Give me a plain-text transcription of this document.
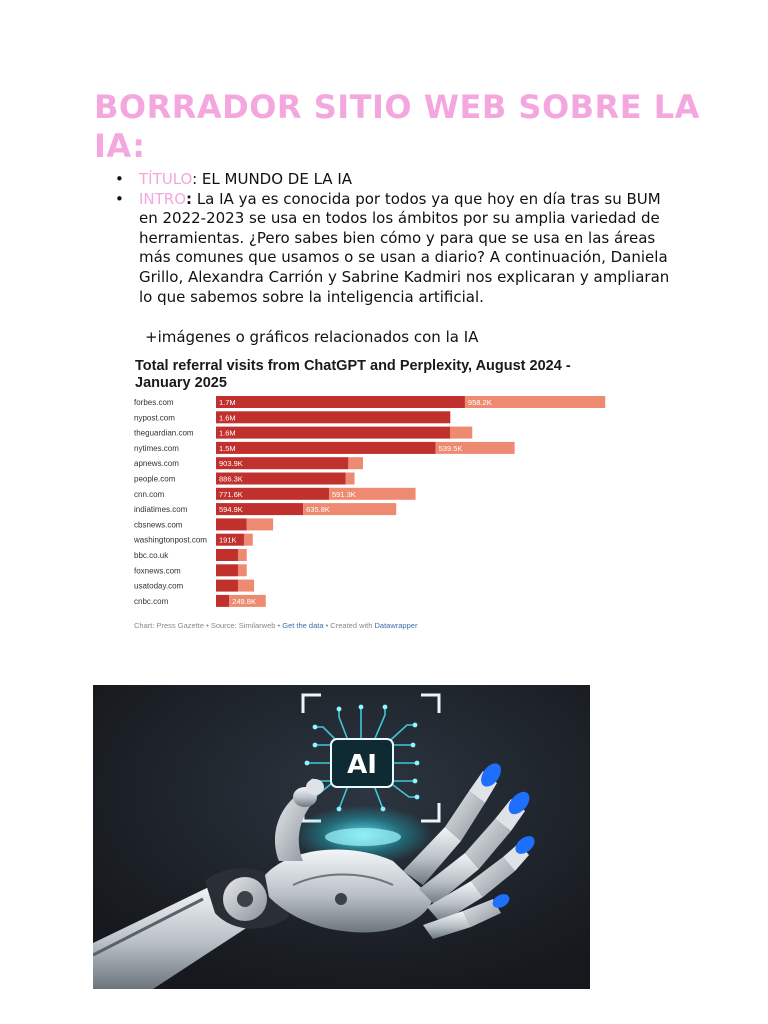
BORRADOR SITIO WEB SOBRE LA IA:
• TÍTULO: EL MUNDO DE LA IA
• INTRO: La IA ya es conocida por todos ya que hoy en día tras su BUM en 2022-2023 se usa en todos los ámbitos por su amplia variedad de herramientas. ¿Pero sabes bien cómo y para que se usa en las áreas más comunes que usamos o se usan a diario? A continuación, Daniela Grillo, Alexandra Carrión y Sabrine Kadmiri nos explicaran y ampliaran lo que sabemos sobre la inteligencia artificial.
+imágenes o gráficos relacionados con la IA
Total referral visits from ChatGPT and Perplexity, August 2024 - January 2025
forbes.com	1.7M	958.2K
nypost.com	1.6M
theguardian.com	1.6M
nytimes.com	1.5M	539.5K
apnews.com	903.9K
people.com	886.3K
cnn.com	771.6K	591.3K
indiatimes.com	594.9K	635.8K
cbsnews.com
washingtonpost.com 191K
bbc.co.uk
foxnews.com
usatoday.com
cnbc.com	249.8K
Chart: Press Gazette • Source: Similarweb • Get the data • Created with Datawrapper
AI
